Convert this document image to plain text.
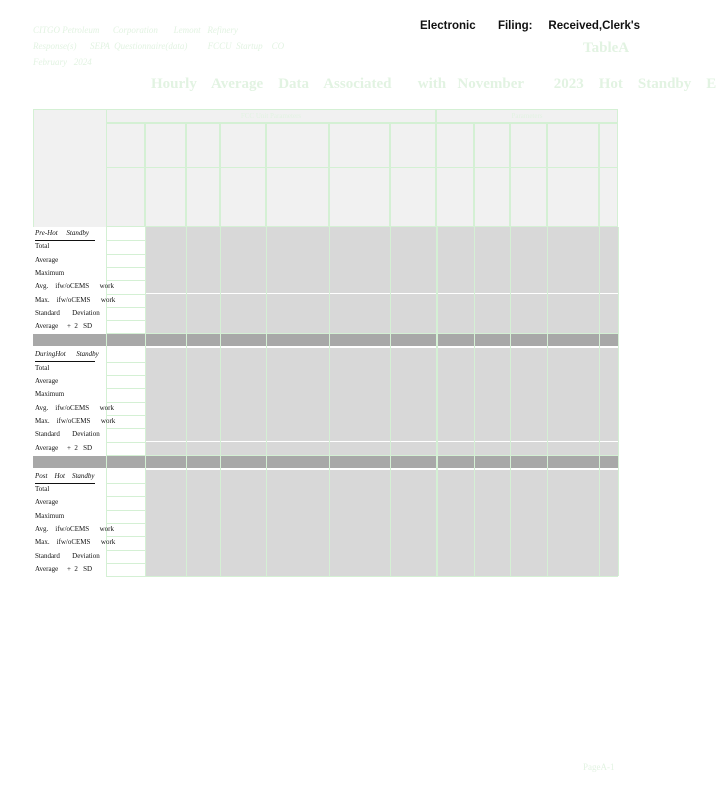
CITGO Petroleum      Corporation       Lemont   Refinery
Response(s)      SEPA  Questionnaire(data)         FCCU  Startup    CO
February   2024
Electronic       Filing:     Received,Clerk's
TableA
Hourly    Average    Data    Associated       with   November        2023    Hot    Standby    E
FCC Unit Parameters	Parameters
Pre-Hot     Standby
Total
Average
Maximum
Avg.    ifw/oCEMS      work
Max.    ifw/oCEMS      work
Standard       Deviation
Average     +  2   SD
DuringHot      Standby
Total
Average
Maximum
Avg.    ifw/oCEMS      work
Max.    ifw/oCEMS      work
Standard       Deviation
Average     +  2   SD
Post    Hot    Standby
Total
Average
Maximum
Avg.    ifw/oCEMS      work
Max.    ifw/oCEMS      work
Standard       Deviation
Average     +  2   SD
PageA-1
